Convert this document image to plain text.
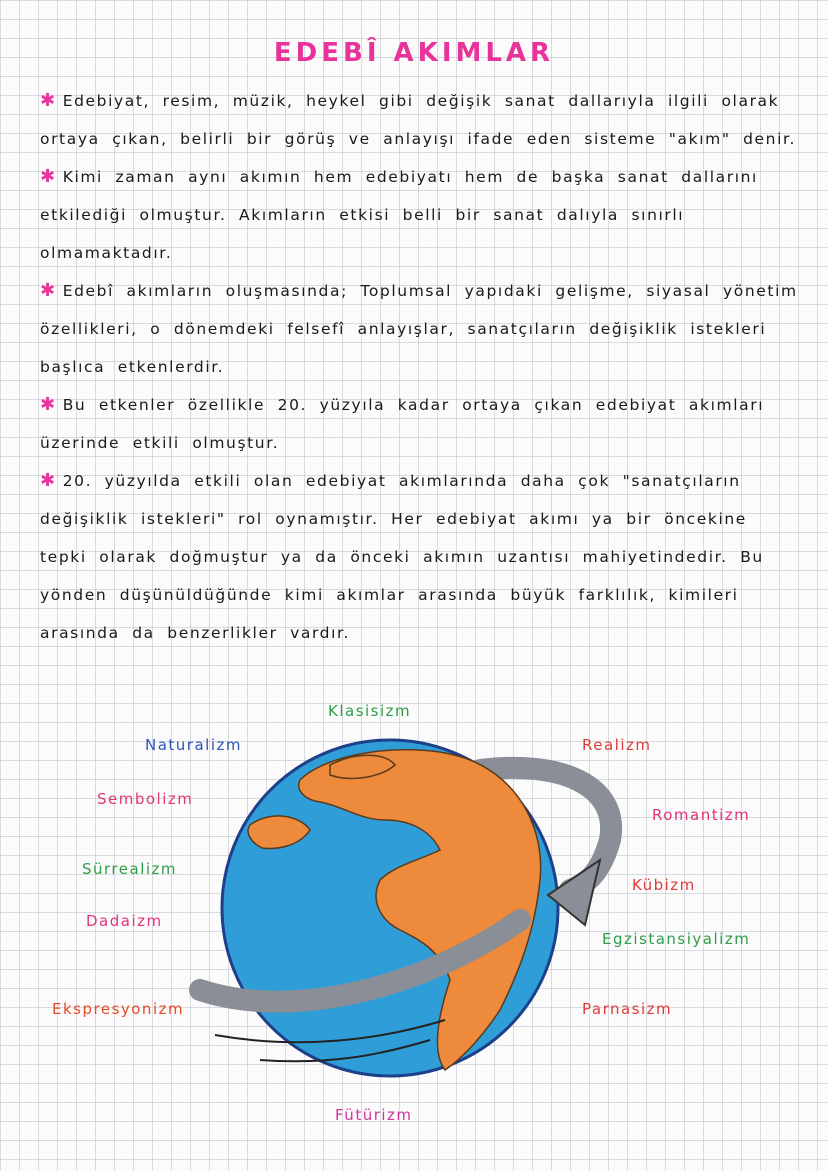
EDEBÎ AKIMLAR

✱ Edebiyat, resim, müzik, heykel gibi değişik sanat dallarıyla ilgili olarak ortaya çıkan, belirli bir görüş ve anlayışı ifade eden sisteme "akım" denir.

✱ Kimi zaman aynı akımın hem edebiyatı hem de başka sanat dallarını etkilediği olmuştur. Akımların etkisi belli bir sanat dalıyla sınırlı olmamaktadır.

✱ Edebî akımların oluşmasında; Toplumsal yapıdaki gelişme, siyasal yönetim özellikleri, o dönemdeki felsefî anlayışlar, sanatçıların değişiklik istekleri başlıca etkenlerdir.

✱ Bu etkenler özellikle 20. yüzyıla kadar ortaya çıkan edebiyat akımları üzerinde etkili olmuştur.

✱ 20. yüzyılda etkili olan edebiyat akımlarında daha çok "sanatçıların değişiklik istekleri" rol oynamıştır. Her edebiyat akımı ya bir öncekine tepki olarak doğmuştur ya da önceki akımın uzantısı mahiyetindedir. Bu yönden düşünüldüğünde kimi akımlar arasında büyük farklılık, kimileri arasında da benzerlikler vardır.

Klasisizm
Naturalizm	Realizm
Sembolizm
Romantizm
Sürrealizm
Kübizm
Dadaizm
Egzistansiyalizm
Ekspresyonizm	Parnasizm
Fütürizm
